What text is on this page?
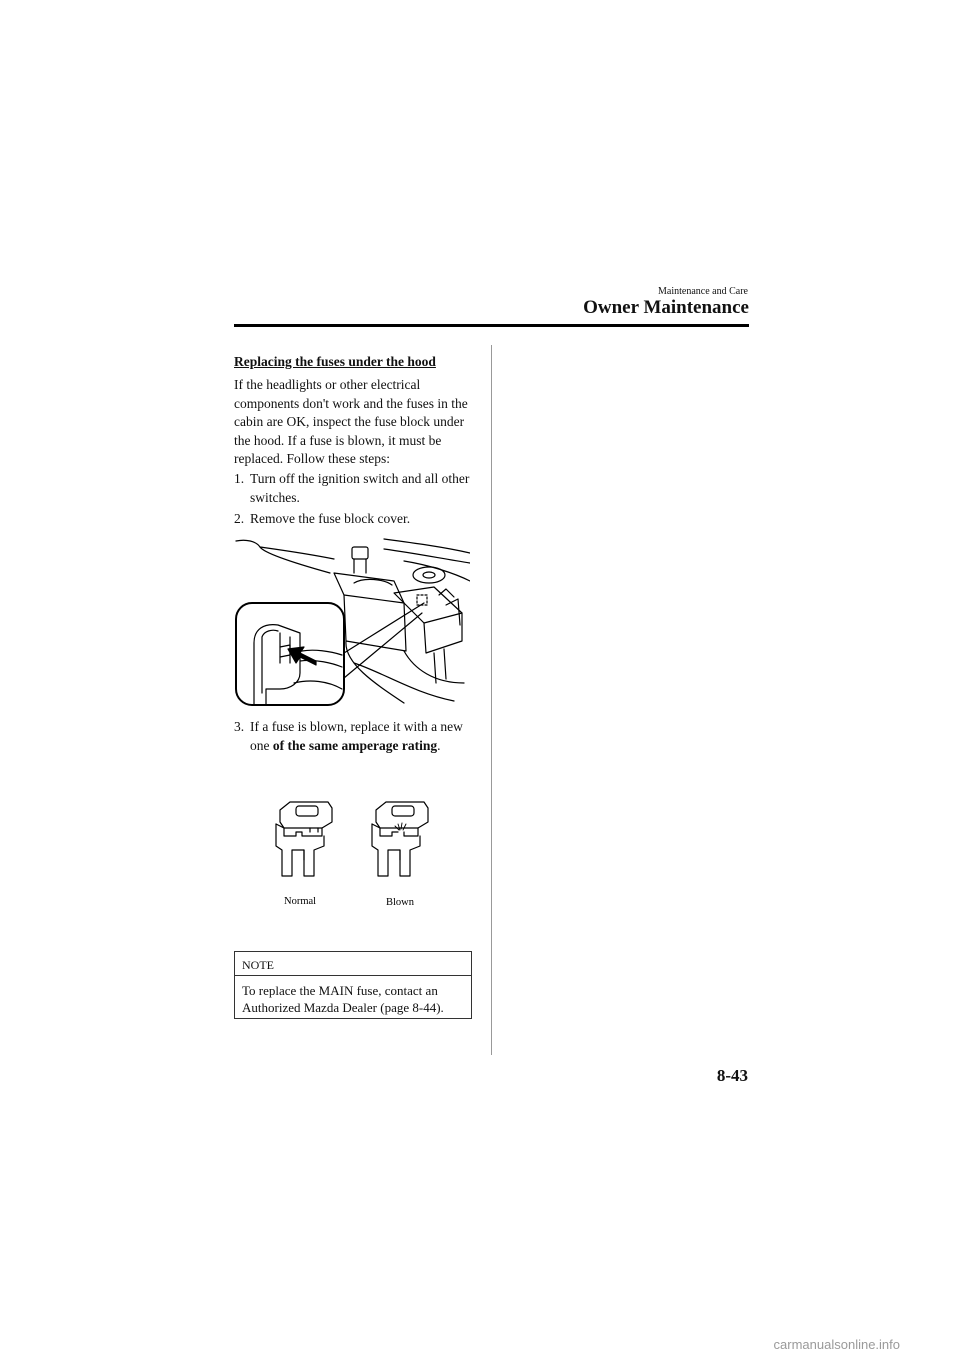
Maintenance and Care
Owner Maintenance
Replacing the fuses under the hood
If the headlights or other electrical components don't work and the fuses in the cabin are OK, inspect the fuse block under the hood. If a fuse is blown, it must be replaced. Follow these steps:
1. Turn off the ignition switch and all other switches.
2. Remove the fuse block cover.
3. If a fuse is blown, replace it with a new one of the same amperage rating.
Normal	Blown
NOTE
To replace the MAIN fuse, contact an Authorized Mazda Dealer (page 8-44).
8-43
carmanualsonline.info
